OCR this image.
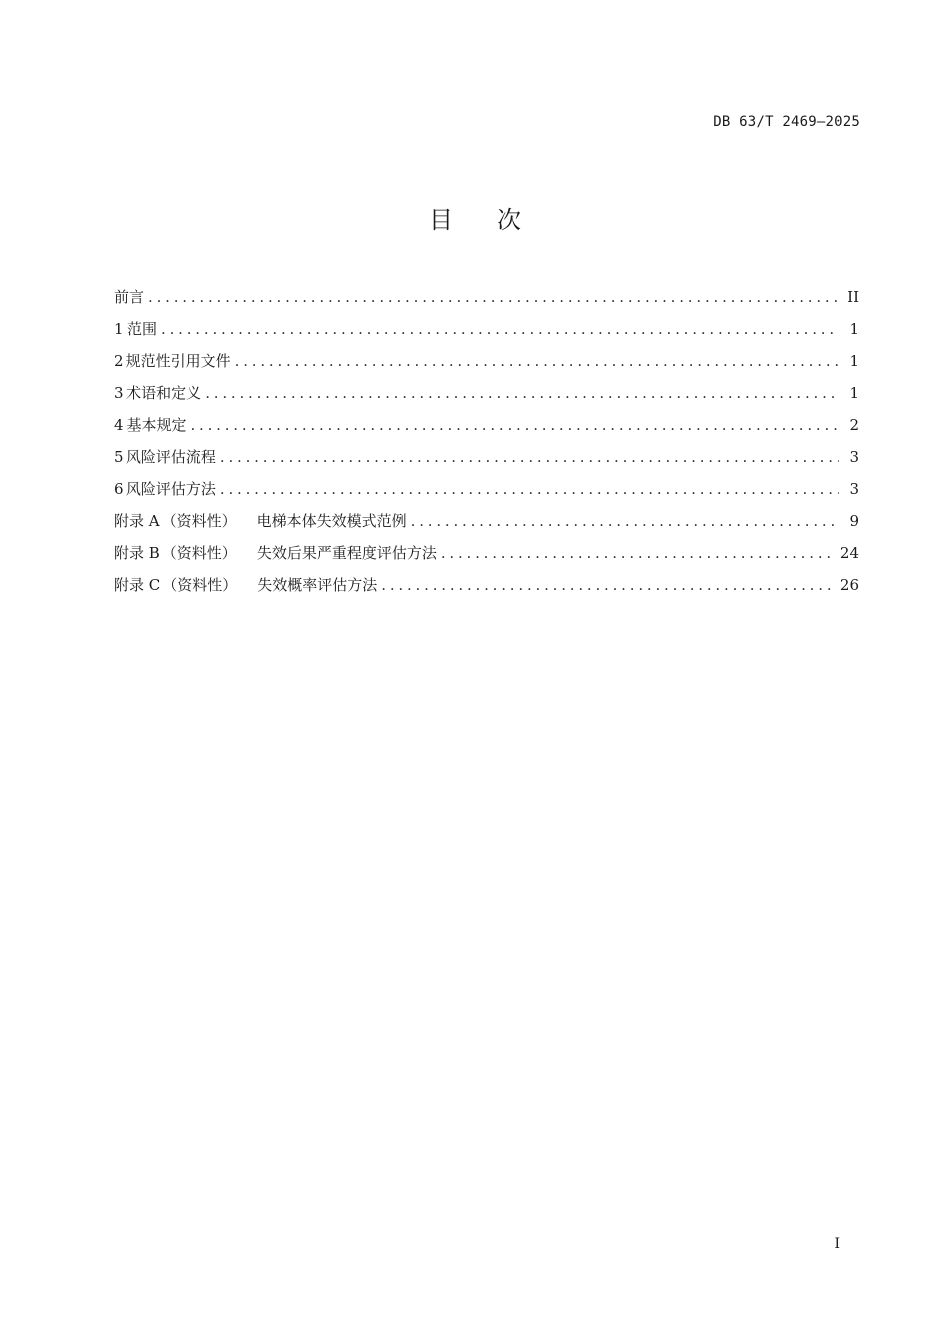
DB 63/T 2469—2025
目 次
前言 .....	II
1 范围 .....	1
2 规范性引用文件 .....	1
3 术语和定义 .....	1
4 基本规定 .....	2
5 风险评估流程 .....	3
6 风险评估方法 .....	3
附录 A （资料性） 电梯本体失效模式范例 .....	9
附录 B （资料性） 失效后果严重程度评估方法 .....	24
附录 C （资料性） 失效概率评估方法 .....	26
I
